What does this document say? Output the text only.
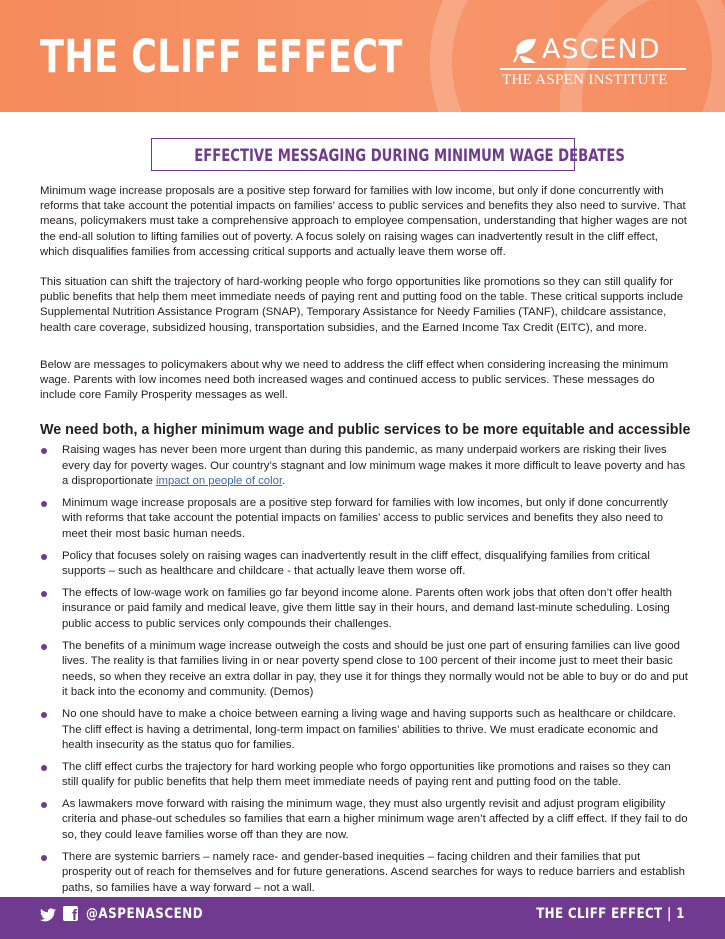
THE CLIFF EFFECT	ASCEND
THE ASPEN INSTITUTE
EFFECTIVE MESSAGING DURING MINIMUM WAGE DEBATES

Minimum wage increase proposals are a positive step forward for families with low income, but only if done concurrently with reforms that take account the potential impacts on families’ access to public services and benefits they also need to survive. That means, policymakers must take a comprehensive approach to employee compensation, understanding that higher wages are not the end-all solution to lifting families out of poverty. A focus solely on raising wages can inadvertently result in the cliff effect, which disqualifies families from accessing critical supports and actually leave them worse off.

This situation can shift the trajectory of hard-working people who forgo opportunities like promotions so they can still qualify for public benefits that help them meet immediate needs of paying rent and putting food on the table. These critical supports include Supplemental Nutrition Assistance Program (SNAP), Temporary Assistance for Needy Families (TANF), childcare assistance, health care coverage, subsidized housing, transportation subsidies, and the Earned Income Tax Credit (EITC), and more.

Below are messages to policymakers about why we need to address the cliff effect when considering increasing the minimum wage. Parents with low incomes need both increased wages and continued access to public services. These messages do include core Family Prosperity messages as well.

We need both, a higher minimum wage and public services to be more equitable and accessible
Raising wages has never been more urgent than during this pandemic, as many underpaid workers are risking their lives every day for poverty wages. Our country’s stagnant and low minimum wage makes it more difficult to leave poverty and has a disproportionate impact on people of color.
Minimum wage increase proposals are a positive step forward for families with low incomes, but only if done concurrently with reforms that take account the potential impacts on families’ access to public services and benefits they also need to meet their most basic human needs.
Policy that focuses solely on raising wages can inadvertently result in the cliff effect, disqualifying families from critical supports – such as healthcare and childcare - that actually leave them worse off.
The effects of low-wage work on families go far beyond income alone. Parents often work jobs that often don’t offer health insurance or paid family and medical leave, give them little say in their hours, and demand last-minute scheduling. Losing public access to public services only compounds their challenges.
The benefits of a minimum wage increase outweigh the costs and should be just one part of ensuring families can live good lives. The reality is that families living in or near poverty spend close to 100 percent of their income just to meet their basic needs, so when they receive an extra dollar in pay, they use it for things they normally would not be able to buy or do and put it back into the economy and community. (Demos)
No one should have to make a choice between earning a living wage and having supports such as healthcare or childcare. The cliff effect is having a detrimental, long-term impact on families’ abilities to thrive. We must eradicate economic and health insecurity as the status quo for families.
The cliff effect curbs the trajectory for hard working people who forgo opportunities like promotions and raises so they can still qualify for public benefits that help them meet immediate needs of paying rent and putting food on the table.
As lawmakers move forward with raising the minimum wage, they must also urgently revisit and adjust program eligibility criteria and phase-out schedules so families that earn a higher minimum wage aren’t affected by a cliff effect. If they fail to do so, they could leave families worse off than they are now.
There are systemic barriers – namely race- and gender-based inequities – facing children and their families that put prosperity out of reach for themselves and for future generations. Ascend searches for ways to reduce barriers and establish paths, so families have a way forward – not a wall.
f @ASPENASCEND	THE CLIFF EFFECT | 1
